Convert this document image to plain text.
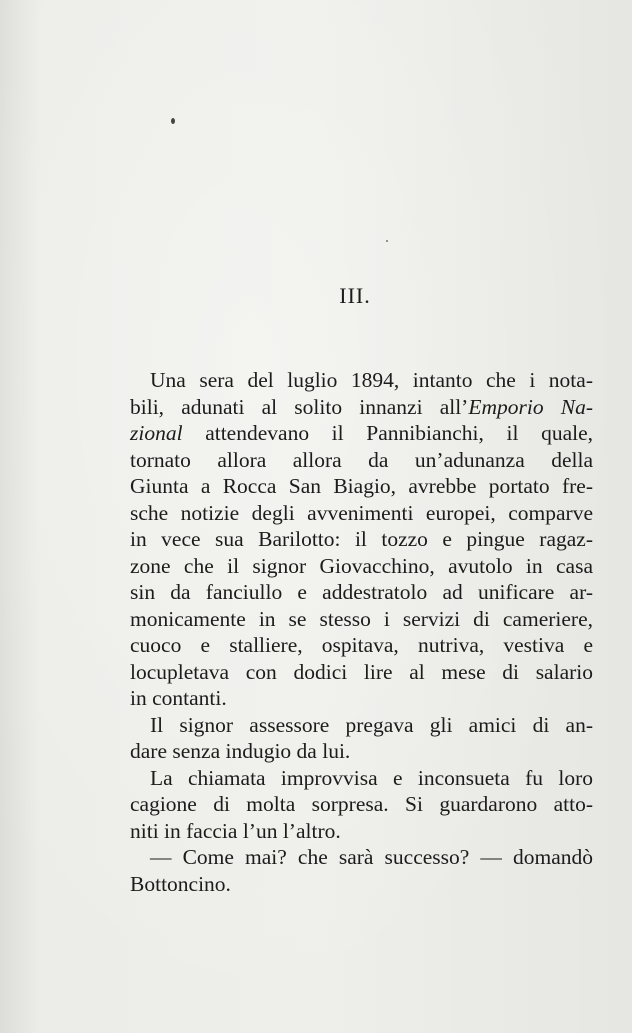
III.
Una sera del luglio 1894, intanto che i nota-
bili, adunati al solito innanzi all’Emporio Na-
zional attendevano il Pannibianchi, il quale,
tornato allora allora da un’adunanza della
Giunta a Rocca San Biagio, avrebbe portato fre-
sche notizie degli avvenimenti europei, comparve
in vece sua Barilotto: il tozzo e pingue ragaz-
zone che il signor Giovacchino, avutolo in casa
sin da fanciullo e addestratolo ad unificare ar-
monicamente in se stesso i servizi di cameriere,
cuoco e stalliere, ospitava, nutriva, vestiva e
locupletava con dodici lire al mese di salario
in contanti.
Il signor assessore pregava gli amici di an-
dare senza indugio da lui.
La chiamata improvvisa e inconsueta fu loro
cagione di molta sorpresa. Si guardarono atto-
niti in faccia l’un l’altro.
— Come mai? che sarà successo? — domandò
Bottoncino.
